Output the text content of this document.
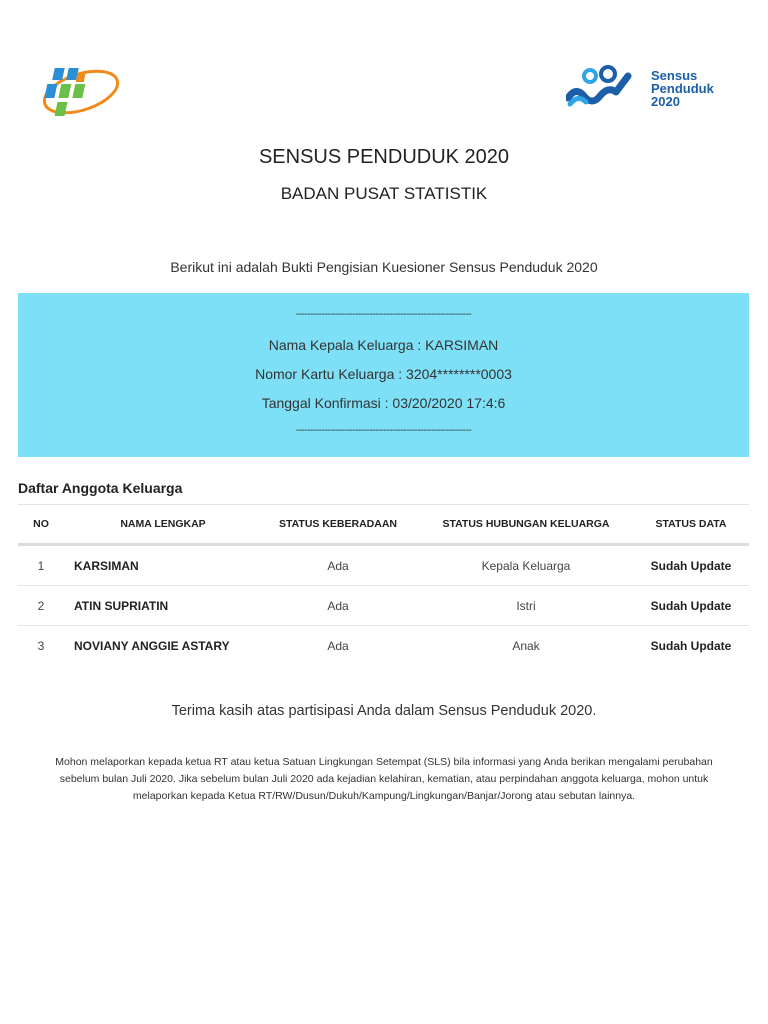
Sensus
Penduduk
2020
SENSUS PENDUDUK 2020
BADAN PUSAT STATISTIK
Berikut ini adalah Bukti Pengisian Kuesioner Sensus Penduduk 2020
--------------------------------------------------------------
Nama Kepala Keluarga : KARSIMAN
Nomor Kartu Keluarga : 3204********0003
Tanggal Konfirmasi : 03/20/2020 17:4:6
--------------------------------------------------------------
Daftar Anggota Keluarga
NO	NAMA LENGKAP	STATUS KEBERADAAN	STATUS HUBUNGAN KELUARGA	STATUS DATA
1	KARSIMAN	Ada	Kepala Keluarga	Sudah Update
2	ATIN SUPRIATIN	Ada	Istri	Sudah Update
3	NOVIANY ANGGIE ASTARY	Ada	Anak	Sudah Update
Terima kasih atas partisipasi Anda dalam Sensus Penduduk 2020.
Mohon melaporkan kepada ketua RT atau ketua Satuan Lingkungan Setempat (SLS) bila informasi yang Anda berikan mengalami perubahan sebelum bulan Juli 2020. Jika sebelum bulan Juli 2020 ada kejadian kelahiran, kematian, atau perpindahan anggota keluarga, mohon untuk melaporkan kepada Ketua RT/RW/Dusun/Dukuh/Kampung/Lingkungan/Banjar/Jorong atau sebutan lainnya.
